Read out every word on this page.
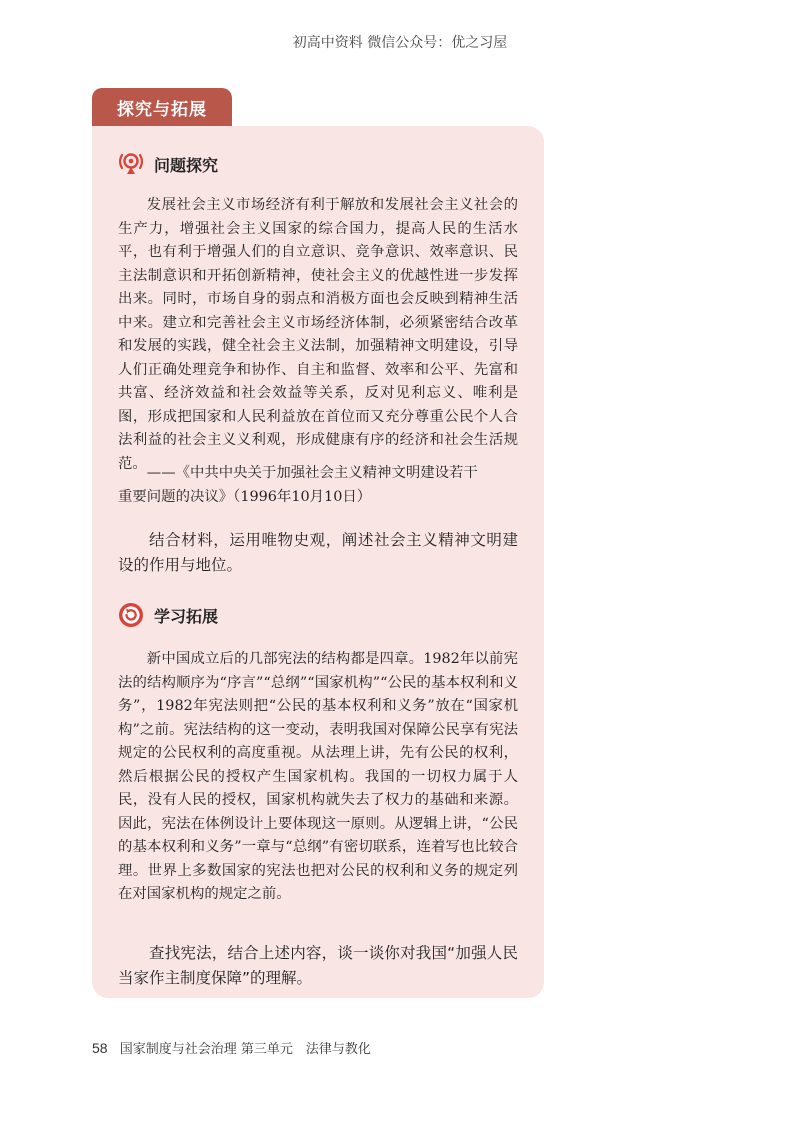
初高中资料 微信公众号：优之习屋
探究与拓展
问题探究

发展社会主义市场经济有利于解放和发展社会主义社会的生产力，增强社会主义国家的综合国力，提高人民的生活水平，也有利于增强人们的自立意识、竞争意识、效率意识、民主法制意识和开拓创新精神，使社会主义的优越性进一步发挥出来。同时，市场自身的弱点和消极方面也会反映到精神生活中来。建立和完善社会主义市场经济体制，必须紧密结合改革和发展的实践，健全社会主义法制，加强精神文明建设，引导人们正确处理竞争和协作、自主和监督、效率和公平、先富和共富、经济效益和社会效益等关系，反对见利忘义、唯利是图，形成把国家和人民利益放在首位而又充分尊重公民个人合法利益的社会主义义利观，形成健康有序的经济和社会生活规范。

——《中共中央关于加强社会主义精神文明建设若干
重要问题的决议》（1996年10月10日）

结合材料，运用唯物史观，阐述社会主义精神文明建设的作用与地位。

学习拓展

新中国成立后的几部宪法的结构都是四章。1982年以前宪法的结构顺序为“序言”“总纲”“国家机构”“公民的基本权利和义务”，1982年宪法则把“公民的基本权利和义务”放在“国家机构”之前。宪法结构的这一变动，表明我国对保障公民享有宪法规定的公民权利的高度重视。从法理上讲，先有公民的权利，然后根据公民的授权产生国家机构。我国的一切权力属于人民，没有人民的授权，国家机构就失去了权力的基础和来源。因此，宪法在体例设计上要体现这一原则。从逻辑上讲，“公民的基本权利和义务”一章与“总纲”有密切联系，连着写也比较合理。世界上多数国家的宪法也把对公民的权利和义务的规定列在对国家机构的规定之前。

查找宪法，结合上述内容，谈一谈你对我国“加强人民当家作主制度保障”的理解。

58 国家制度与社会治理 第三单元　法律与教化
